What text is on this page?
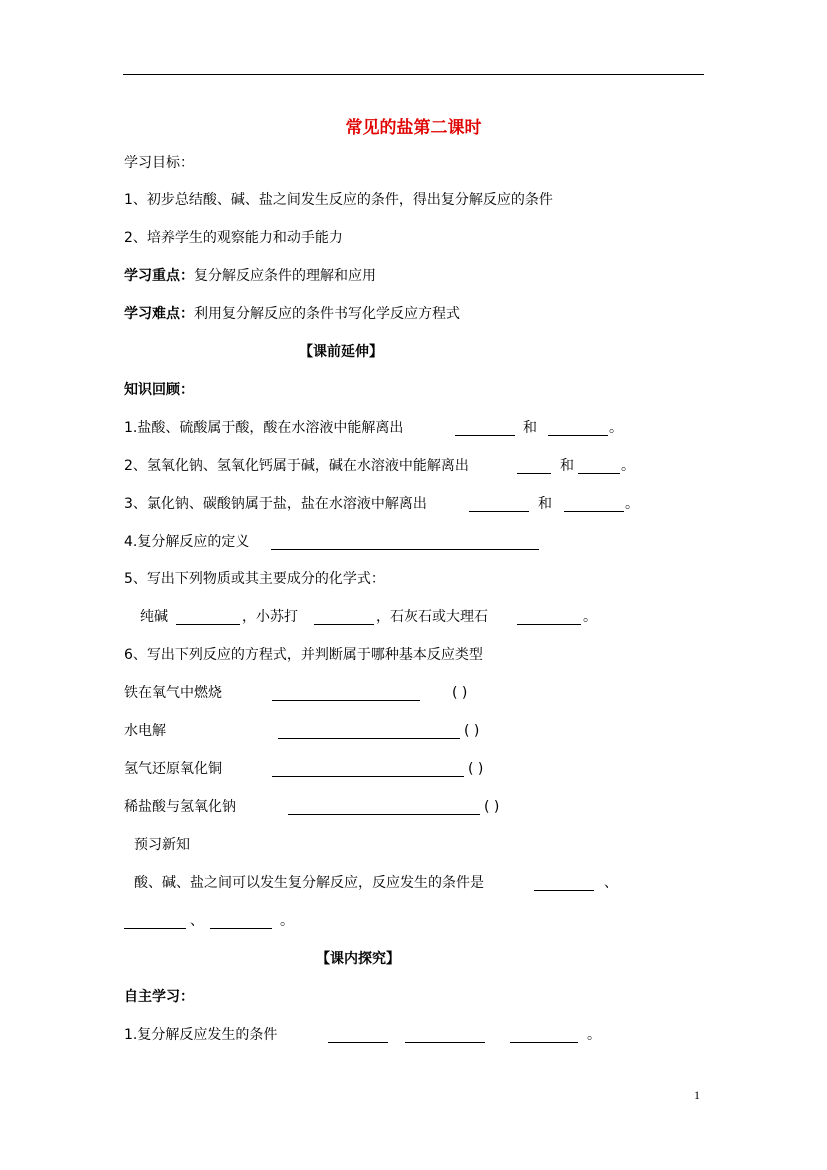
常见的盐第二课时
学习目标：
1、初步总结酸、碱、盐之间发生反应的条件，得出复分解反应的条件
2、培养学生的观察能力和动手能力
学习重点：复分解反应条件的理解和应用
学习难点：利用复分解反应的条件书写化学反应方程式
【课前延伸】
知识回顾：
1.盐酸、硫酸属于酸，酸在水溶液中能解离出	和	。
2、氢氧化钠、氢氧化钙属于碱，碱在水溶液中能解离出	和	。
3、氯化钠、碳酸钠属于盐，盐在水溶液中解离出	和	。
4.复分解反应的定义
5、写出下列物质或其主要成分的化学式：
纯碱	，小苏打	，石灰石或大理石	。
6、写出下列反应的方程式，并判断属于哪种基本反应类型
铁在氧气中燃烧	( )
水电解	( )
氢气还原氧化铜	( )
稀盐酸与氢氧化钠	( )
预习新知
酸、碱、盐之间可以发生复分解反应，反应发生的条件是	、
、	。
【课内探究】
自主学习：
1.复分解反应发生的条件	。
1
